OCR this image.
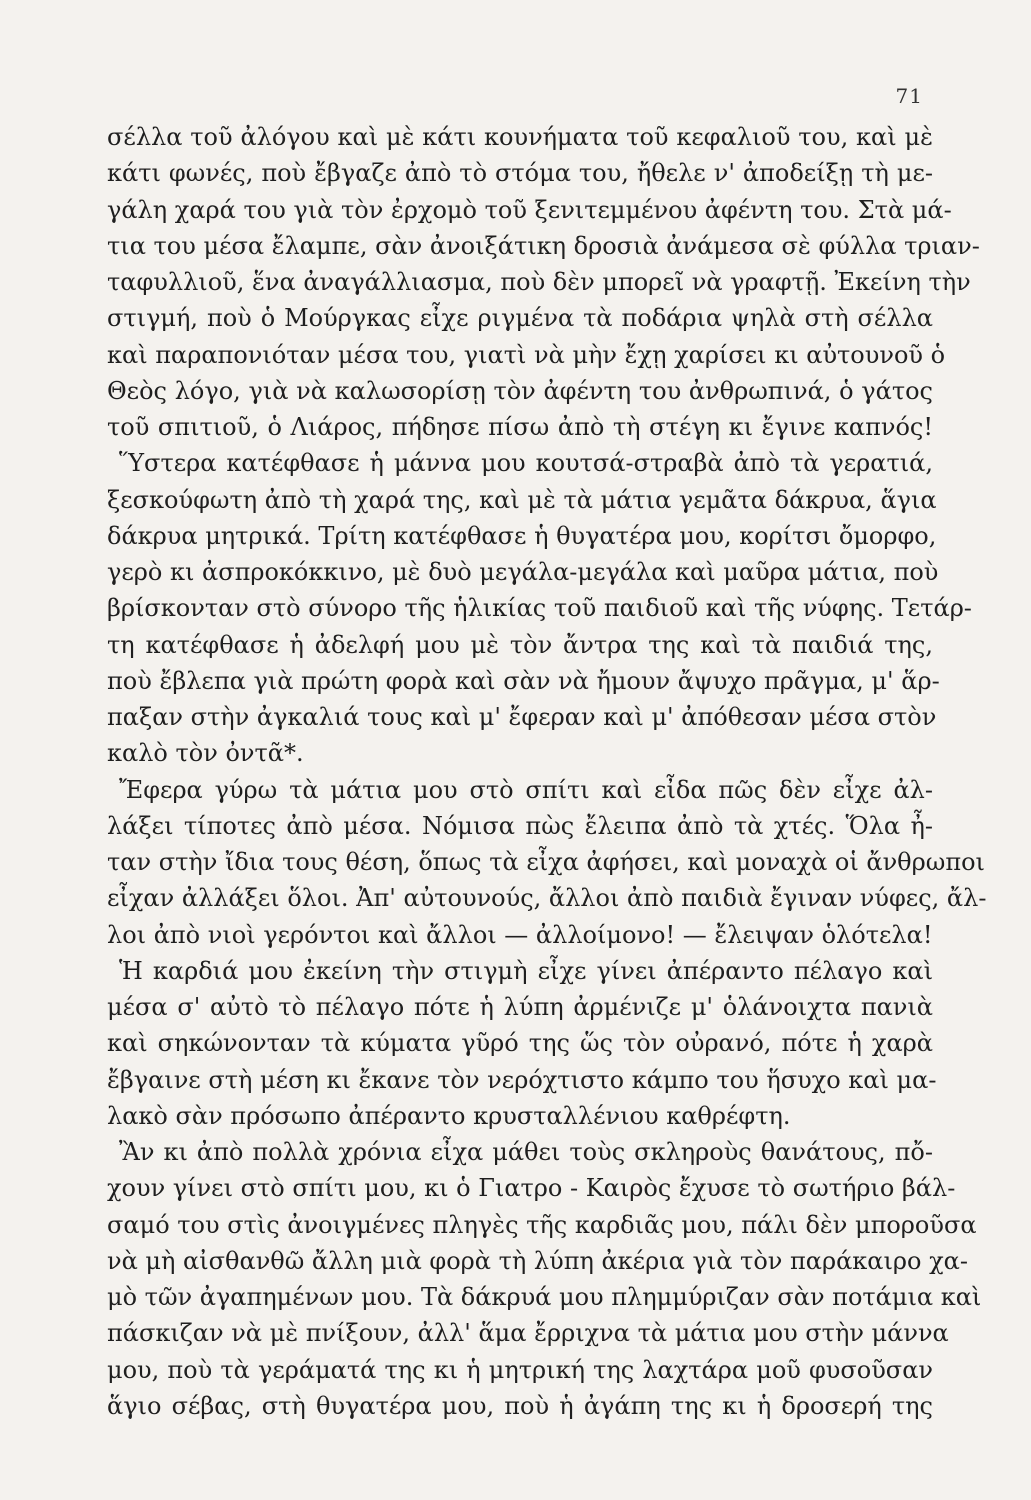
71
σέλλα τοῦ ἀλόγου καὶ μὲ κάτι κουνήματα τοῦ κεφαλιοῦ του, καὶ μὲ
κάτι φωνές, ποὺ ἔβγαζε ἀπὸ τὸ στόμα του, ἤθελε ν' ἀποδείξῃ τὴ με-
γάλη χαρά του γιὰ τὸν ἐρχομὸ τοῦ ξενιτεμμένου ἀφέντη του. Στὰ μά-
τια του μέσα ἔλαμπε, σὰν ἀνοιξάτικη δροσιὰ ἀνάμεσα σὲ φύλλα τριαν-
ταφυλλιοῦ, ἕνα ἀναγάλλιασμα, ποὺ δὲν μπορεῖ νὰ γραφτῇ. Ἐκείνη τὴν
στιγμή, ποὺ ὁ Μούργκας εἶχε ριγμένα τὰ ποδάρια ψηλὰ στὴ σέλλα
καὶ παραπονιόταν μέσα του, γιατὶ νὰ μὴν ἔχῃ χαρίσει κι αὐτουνοῦ ὁ
Θεὸς λόγο, γιὰ νὰ καλωσορίσῃ τὸν ἀφέντη του ἀνθρωπινά, ὁ γάτος
τοῦ σπιτιοῦ, ὁ Λιάρος, πήδησε πίσω ἀπὸ τὴ στέγη κι ἔγινε καπνός!
Ὕστερα κατέφθασε ἡ μάννα μου κουτσά-στραβὰ ἀπὸ τὰ γερατιά,
ξεσκούφωτη ἀπὸ τὴ χαρά της, καὶ μὲ τὰ μάτια γεμᾶτα δάκρυα, ἅγια
δάκρυα μητρικά. Τρίτη κατέφθασε ἡ θυγατέρα μου, κορίτσι ὄμορφο,
γερὸ κι ἀσπροκόκκινο, μὲ δυὸ μεγάλα-μεγάλα καὶ μαῦρα μάτια, ποὺ
βρίσκονταν στὸ σύνορο τῆς ἡλικίας τοῦ παιδιοῦ καὶ τῆς νύφης. Τετάρ-
τη κατέφθασε ἡ ἀδελφή μου μὲ τὸν ἄντρα της καὶ τὰ παιδιά της,
ποὺ ἔβλεπα γιὰ πρώτη φορὰ καὶ σὰν νὰ ἤμουν ἄψυχο πρᾶγμα, μ' ἅρ-
παξαν στὴν ἀγκαλιά τους καὶ μ' ἔφεραν καὶ μ' ἀπόθεσαν μέσα στὸν
καλὸ τὸν ὀντᾶ*.
Ἔφερα γύρω τὰ μάτια μου στὸ σπίτι καὶ εἶδα πῶς δὲν εἶχε ἀλ-
λάξει τίποτες ἀπὸ μέσα. Νόμισα πὼς ἔλειπα ἀπὸ τὰ χτές. Ὅλα ἦ-
ταν στὴν ἴδια τους θέση, ὅπως τὰ εἶχα ἀφήσει, καὶ μοναχὰ οἱ ἄνθρωποι
εἶχαν ἀλλάξει ὅλοι. Ἀπ' αὐτουνούς, ἄλλοι ἀπὸ παιδιὰ ἔγιναν νύφες, ἄλ-
λοι ἀπὸ νιοὶ γερόντοι καὶ ἄλλοι — ἀλλοίμονο! — ἔλειψαν ὁλότελα!
Ἡ καρδιά μου ἐκείνη τὴν στιγμὴ εἶχε γίνει ἀπέραντο πέλαγο καὶ
μέσα σ' αὐτὸ τὸ πέλαγο πότε ἡ λύπη ἀρμένιζε μ' ὁλάνοιχτα πανιὰ
καὶ σηκώνονταν τὰ κύματα γῦρό της ὥς τὸν οὐρανό, πότε ἡ χαρὰ
ἔβγαινε στὴ μέση κι ἔκανε τὸν νερόχτιστο κάμπο του ἥσυχο καὶ μα-
λακὸ σὰν πρόσωπο ἀπέραντο κρυσταλλένιου καθρέφτη.
Ἂν κι ἀπὸ πολλὰ χρόνια εἶχα μάθει τοὺς σκληροὺς θανάτους, πὄ-
χουν γίνει στὸ σπίτι μου, κι ὁ Γιατρο - Καιρὸς ἔχυσε τὸ σωτήριο βάλ-
σαμό του στὶς ἀνοιγμένες πληγὲς τῆς καρδιᾶς μου, πάλι δὲν μποροῦσα
νὰ μὴ αἰσθανθῶ ἄλλη μιὰ φορὰ τὴ λύπη ἀκέρια γιὰ τὸν παράκαιρο χα-
μὸ τῶν ἀγαπημένων μου. Τὰ δάκρυά μου πλημμύριζαν σὰν ποτάμια καὶ
πάσκιζαν νὰ μὲ πνίξουν, ἀλλ' ἅμα ἔρριχνα τὰ μάτια μου στὴν μάννα
μου, ποὺ τὰ γεράματά της κι ἡ μητρική της λαχτάρα μοῦ φυσοῦσαν
ἅγιο σέβας, στὴ θυγατέρα μου, ποὺ ἡ ἀγάπη της κι ἡ δροσερή της
